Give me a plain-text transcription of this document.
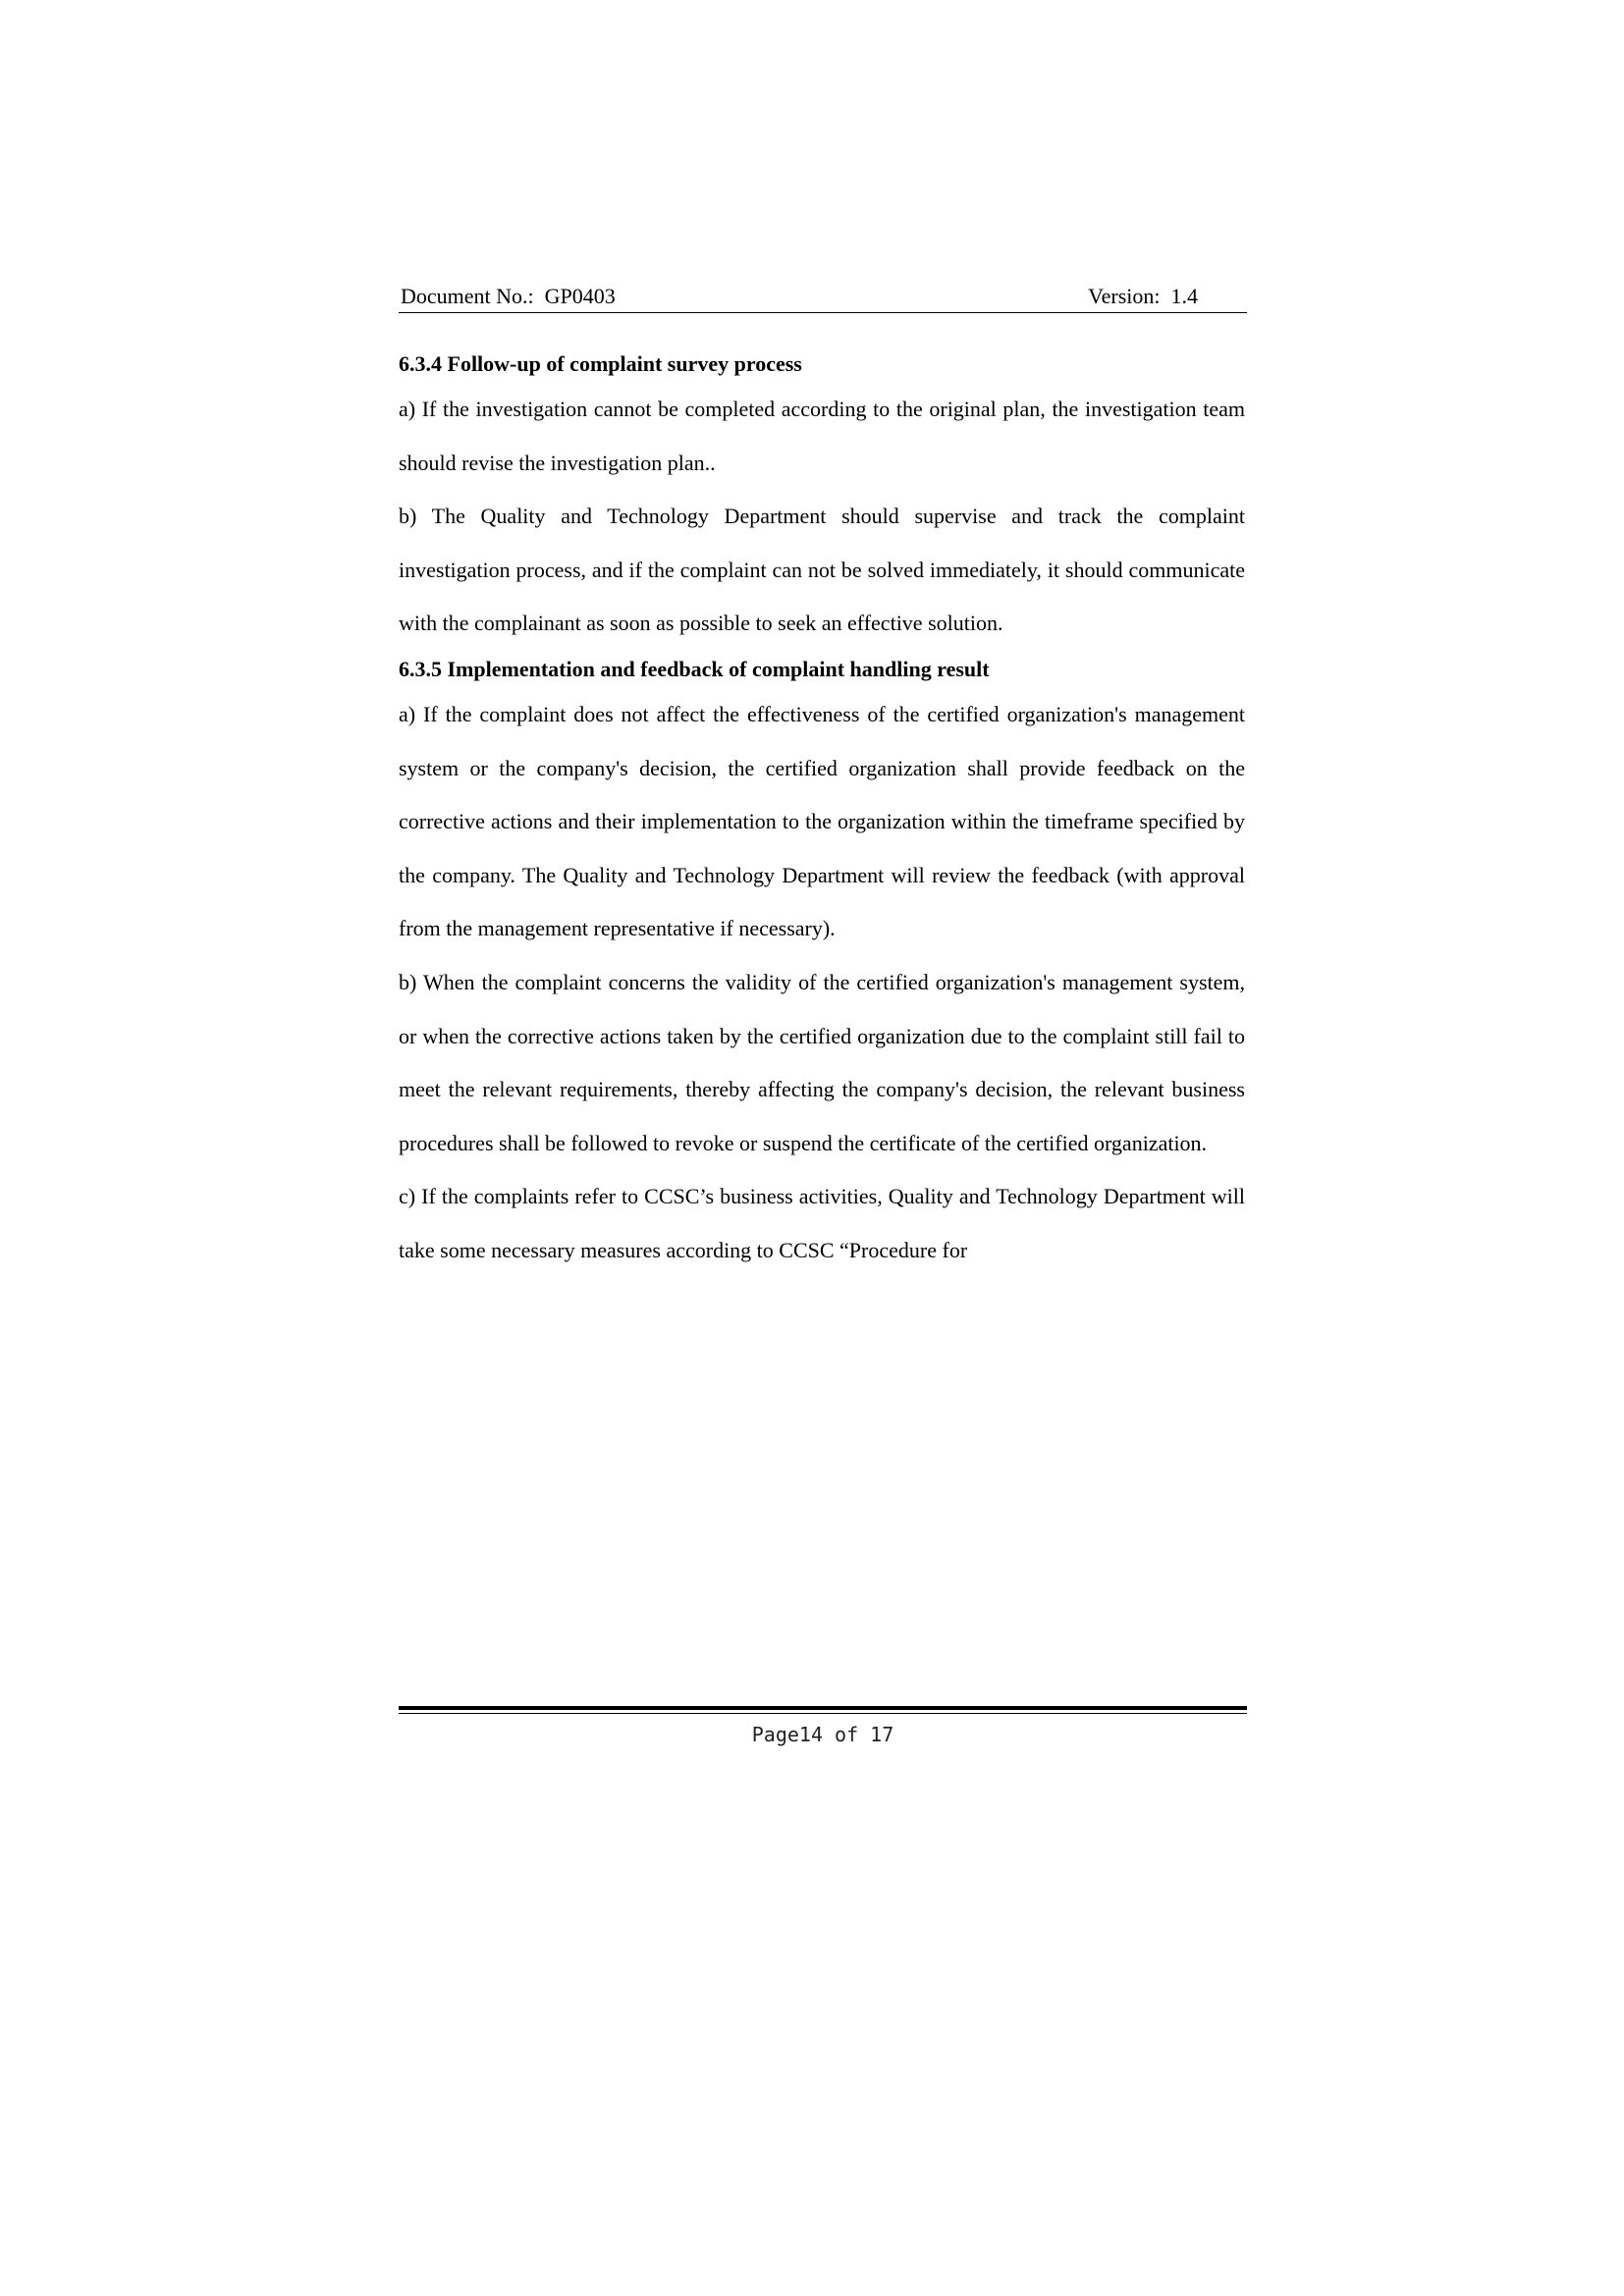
Document No.:  GP0403	Version:  1.4
6.3.4 Follow-up of complaint survey process

a) If the investigation cannot be completed according to the original plan, the investigation team should revise the investigation plan..

b) The Quality and Technology Department should supervise and track the complaint investigation process, and if the complaint can not be solved immediately, it should communicate with the complainant as soon as possible to seek an effective solution.

6.3.5 Implementation and feedback of complaint handling result

a) If the complaint does not affect the effectiveness of the certified organization's management system or the company's decision, the certified organization shall provide feedback on the corrective actions and their implementation to the organization within the timeframe specified by the company. The Quality and Technology Department will review the feedback (with approval from the management representative if necessary).

b) When the complaint concerns the validity of the certified organization's management system, or when the corrective actions taken by the certified organization due to the complaint still fail to meet the relevant requirements, thereby affecting the company's decision, the relevant business procedures shall be followed to revoke or suspend the certificate of the certified organization.

c) If the complaints refer to CCSC’s business activities, Quality and Technology Department will take some necessary measures according to CCSC “Procedure for

Page14 of 17
